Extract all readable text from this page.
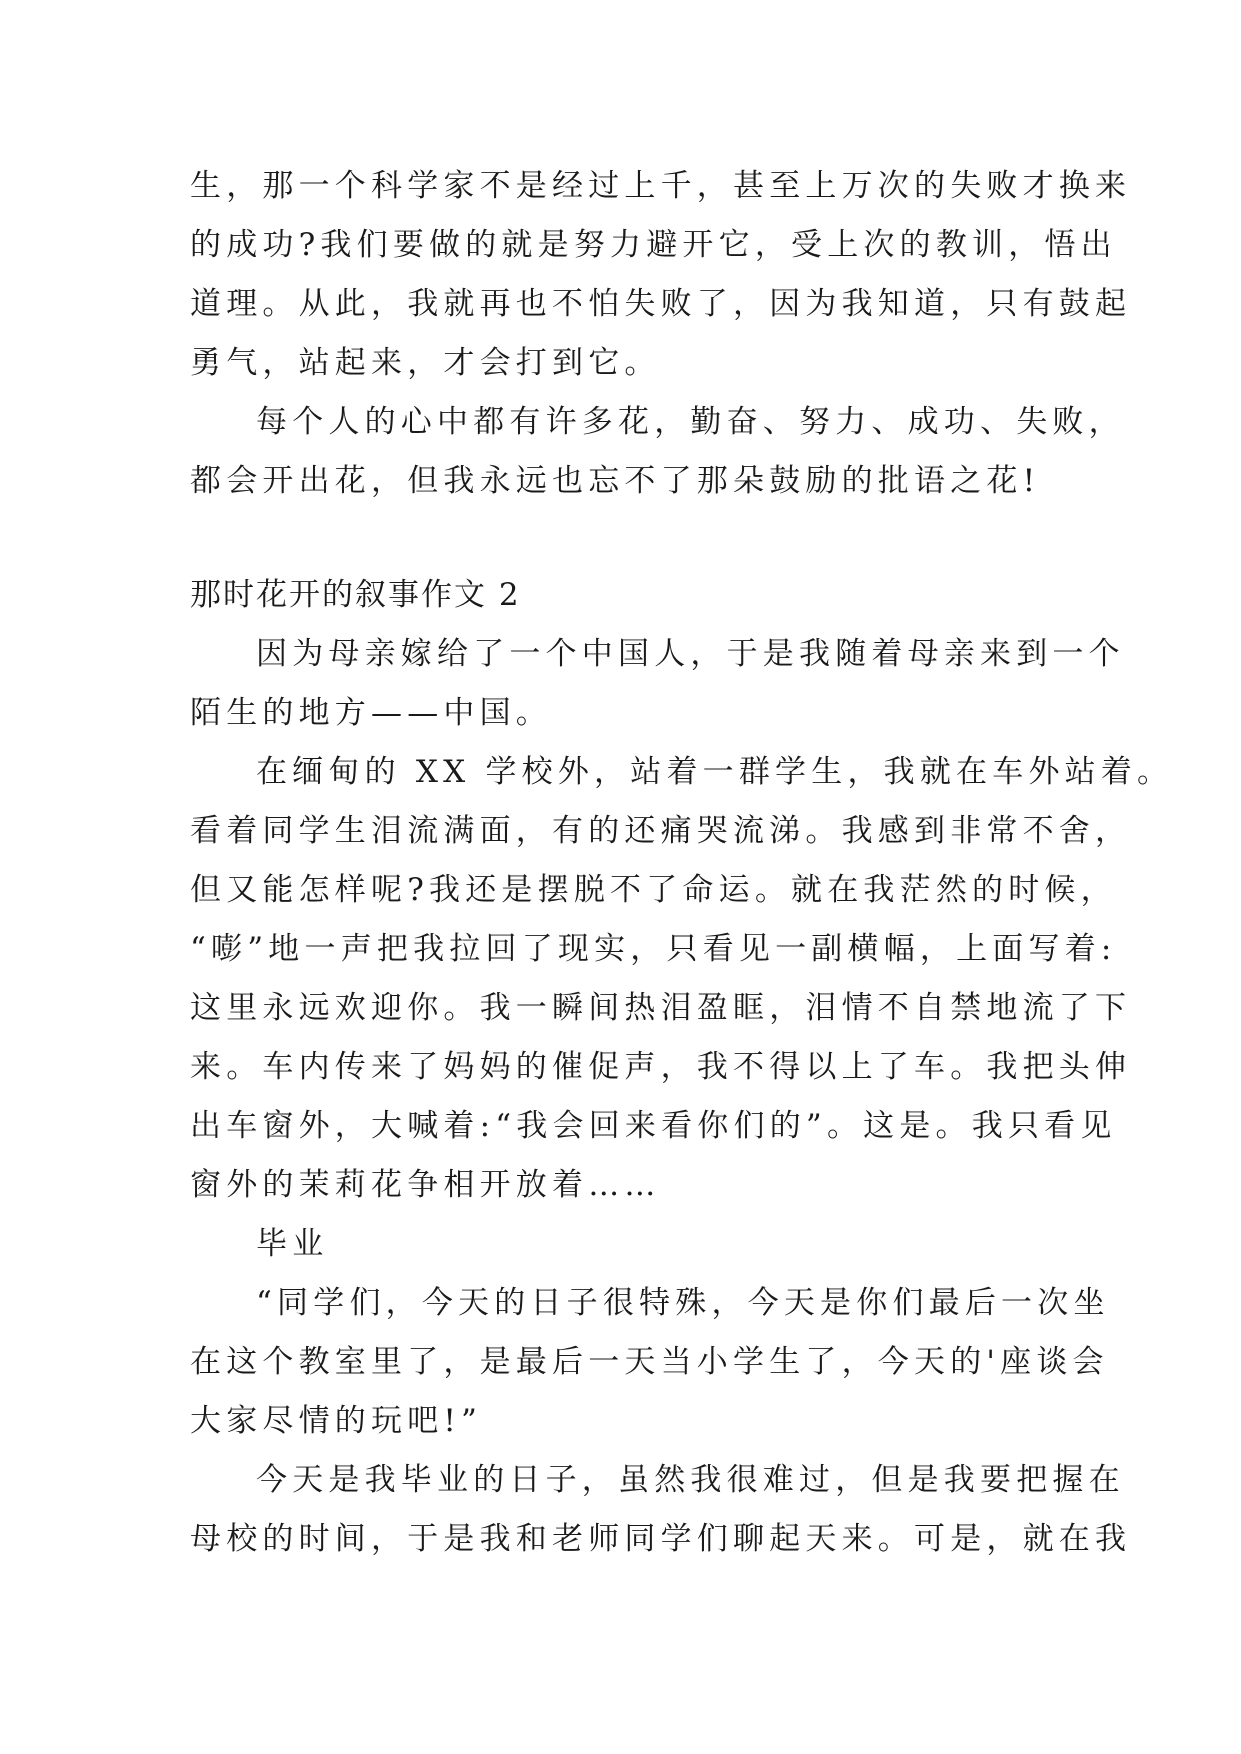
生，那一个科学家不是经过上千，甚至上万次的失败才换来
的成功?我们要做的就是努力避开它，受上次的教训，悟出
道理。从此，我就再也不怕失败了，因为我知道，只有鼓起
勇气，站起来，才会打到它。
每个人的心中都有许多花，勤奋、努力、成功、失败，
都会开出花，但我永远也忘不了那朵鼓励的批语之花!
那时花开的叙事作文 2
因为母亲嫁给了一个中国人，于是我随着母亲来到一个
陌生的地方——中国。
在缅甸的 XX 学校外，站着一群学生，我就在车外站着。
看着同学生泪流满面，有的还痛哭流涕。我感到非常不舍，
但又能怎样呢?我还是摆脱不了命运。就在我茫然的时候，
“嘭”地一声把我拉回了现实，只看见一副横幅，上面写着:
这里永远欢迎你。我一瞬间热泪盈眶，泪情不自禁地流了下
来。车内传来了妈妈的催促声，我不得以上了车。我把头伸
出车窗外，大喊着:“我会回来看你们的”。这是。我只看见
窗外的茉莉花争相开放着……
毕业
“同学们，今天的日子很特殊，今天是你们最后一次坐
在这个教室里了，是最后一天当小学生了，今天的'座谈会
大家尽情的玩吧!”
今天是我毕业的日子，虽然我很难过，但是我要把握在
母校的时间，于是我和老师同学们聊起天来。可是，就在我
